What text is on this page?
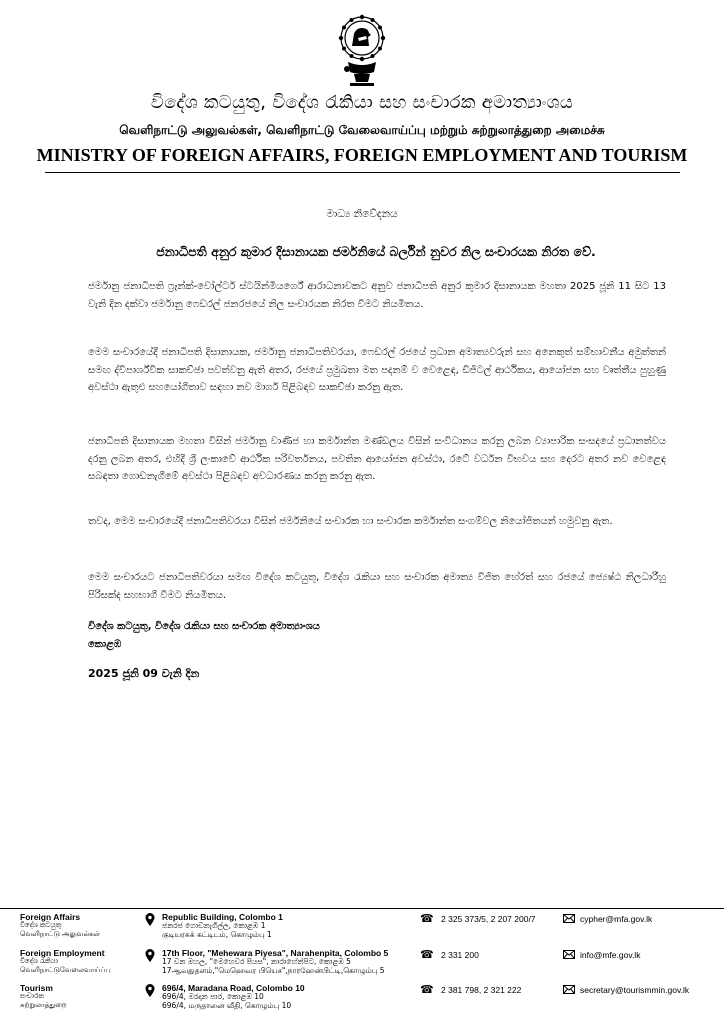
විදේශ කටයුතු, විදේශ රැකියා සහ සංචාරක අමාත්‍යාංශය
வெளிநாட்டு அலுவல்கள், வெளிநாட்டு வேலைவாய்ப்பு மற்றும் சுற்றுலாத்துறை அமைச்சு
MINISTRY OF FOREIGN AFFAIRS, FOREIGN EMPLOYMENT AND TOURISM
මාධ්‍ය නිවේදනය
ජනාධිපති අනුර කුමාර දිසානායක ජර්මනියේ බර්ලින් නුවර නිල සංචාරයක නිරත වේ.
ජර්මානු ජනාධිපති ෆ්‍රෑන්ක්-වෝල්ටර් ස්ටයින්මියර්ගේ ආරාධනාවකට අනුව ජනාධිපති අනුර කුමාර දිසානායක මහතා 2025 ජූනි 11 සිට 13 වැනි දින දක්වා ජර්මානු ෆෙඩරල් ජනරජයේ නිල සංචාරයක නිරත වීමට නියමිතය.
මෙම සංචාරයේදී ජනාධිපති දිසානායක, ජර්මානු ජනාධිපතිවරයා, ෆෙඩරල් රජයේ ප්‍රධාන අමාත්‍යවරුන් සහ අනෙකුත් සම්භාවනීය අමුත්තන් සමඟ ද්විපාර්ශ්වික සාකච්ඡා පවත්වනු ඇති අතර, රජයේ ප්‍රමුඛතා මත පදනම් ව වෙළෙඳ, ඩිජිටල් ආර්ථිකය, ආයෝජන සහ වෘත්තීය පුහුණු අවස්ථා ඇතුළු සහයෝගීතාව සඳහා නව මාර්ග පිළිබඳව සාකච්ඡා කරනු ඇත.
ජනාධිපති දිසානායක මහතා විසින් ජර්මානු වාණිජ හා කර්මාන්ත මණ්ඩලය විසින් සංවිධානය කරනු ලබන ව්‍යාපාරික සංසදයේ ප්‍රධානත්වය දරනු ලබන අතර, එහිදී ශ්‍රී ලංකාවේ ආර්ථික පරිවර්තනය, පවතින ආයෝජන අවස්ථා, රටේ වර්ධන විභවය සහ දෙරට අතර නව වෙළෙඳ සබඳතා ගොඩනැගීමේ අවස්ථා පිළිබඳව අවධාරණය කරනු කරනු ඇත.
තවද, මෙම සංචාරයේදී ජනාධිපතිවරයා විසින් ජර්මනියේ සංචාරක හා සංචාරක කර්මාන්ත සංගම්වල නියෝජිතයන් හමුවනු ඇත.
මෙම සංචාරයට ජනාධිපතිවරයා සමඟ විදේශ කටයුතු, විදේශ රැකියා සහ සංචාරක අමාත්‍ය විජිත හේරත් සහ රජයේ ජ්‍යෙෂ්ඨ නිලධාරීහු පිරිසක්ද සහභාගී වීමට නියමිතය.
විදේශ කටයුතු, විදේශ රැකියා සහ සංචාරක අමාත්‍යාංශය
කොළඹ
2025 ජූනි 09 වැනි දින
Foreign Affairs
විදේශ කටයුතු
வெளிநாட்டு அலுவல்கள்
Republic Building, Colombo 1
ජනරජ ගොඩනැගිල්ල, කොළඹ 1
குடியரசுக் கட்டிடம், கொழும்பு 1
☎ 2 325 373/5, 2 207 200/7	cypher@mfa.gov.lk
Foreign Employment
විදේශ රැකියා
வெளிநாட்டுவேலைவாய்ப்பு
17th Floor, "Mehewara Piyesa", Narahenpita, Colombo 5
17 වන මහල, "මෙහෙවර පියස", නාරාහේන්පිට, කොළඹ 5
17ஆவதுதளம்,"மெஹெவர பியெச",நாரஹேன்பிட்டி,கொழும்பு 5
☎ 2 331 200	info@mfe.gov.lk
Tourism
සංචාරක
சுற்றுலாத்துறை
696/4, Maradana Road, Colombo 10
696/4, මරදාන පාර, කොළඹ 10
696/4, மருதானை வீதி, கொழும்பு 10
☎ 2 381 798, 2 321 222	secretary@tourismmin.gov.lk
